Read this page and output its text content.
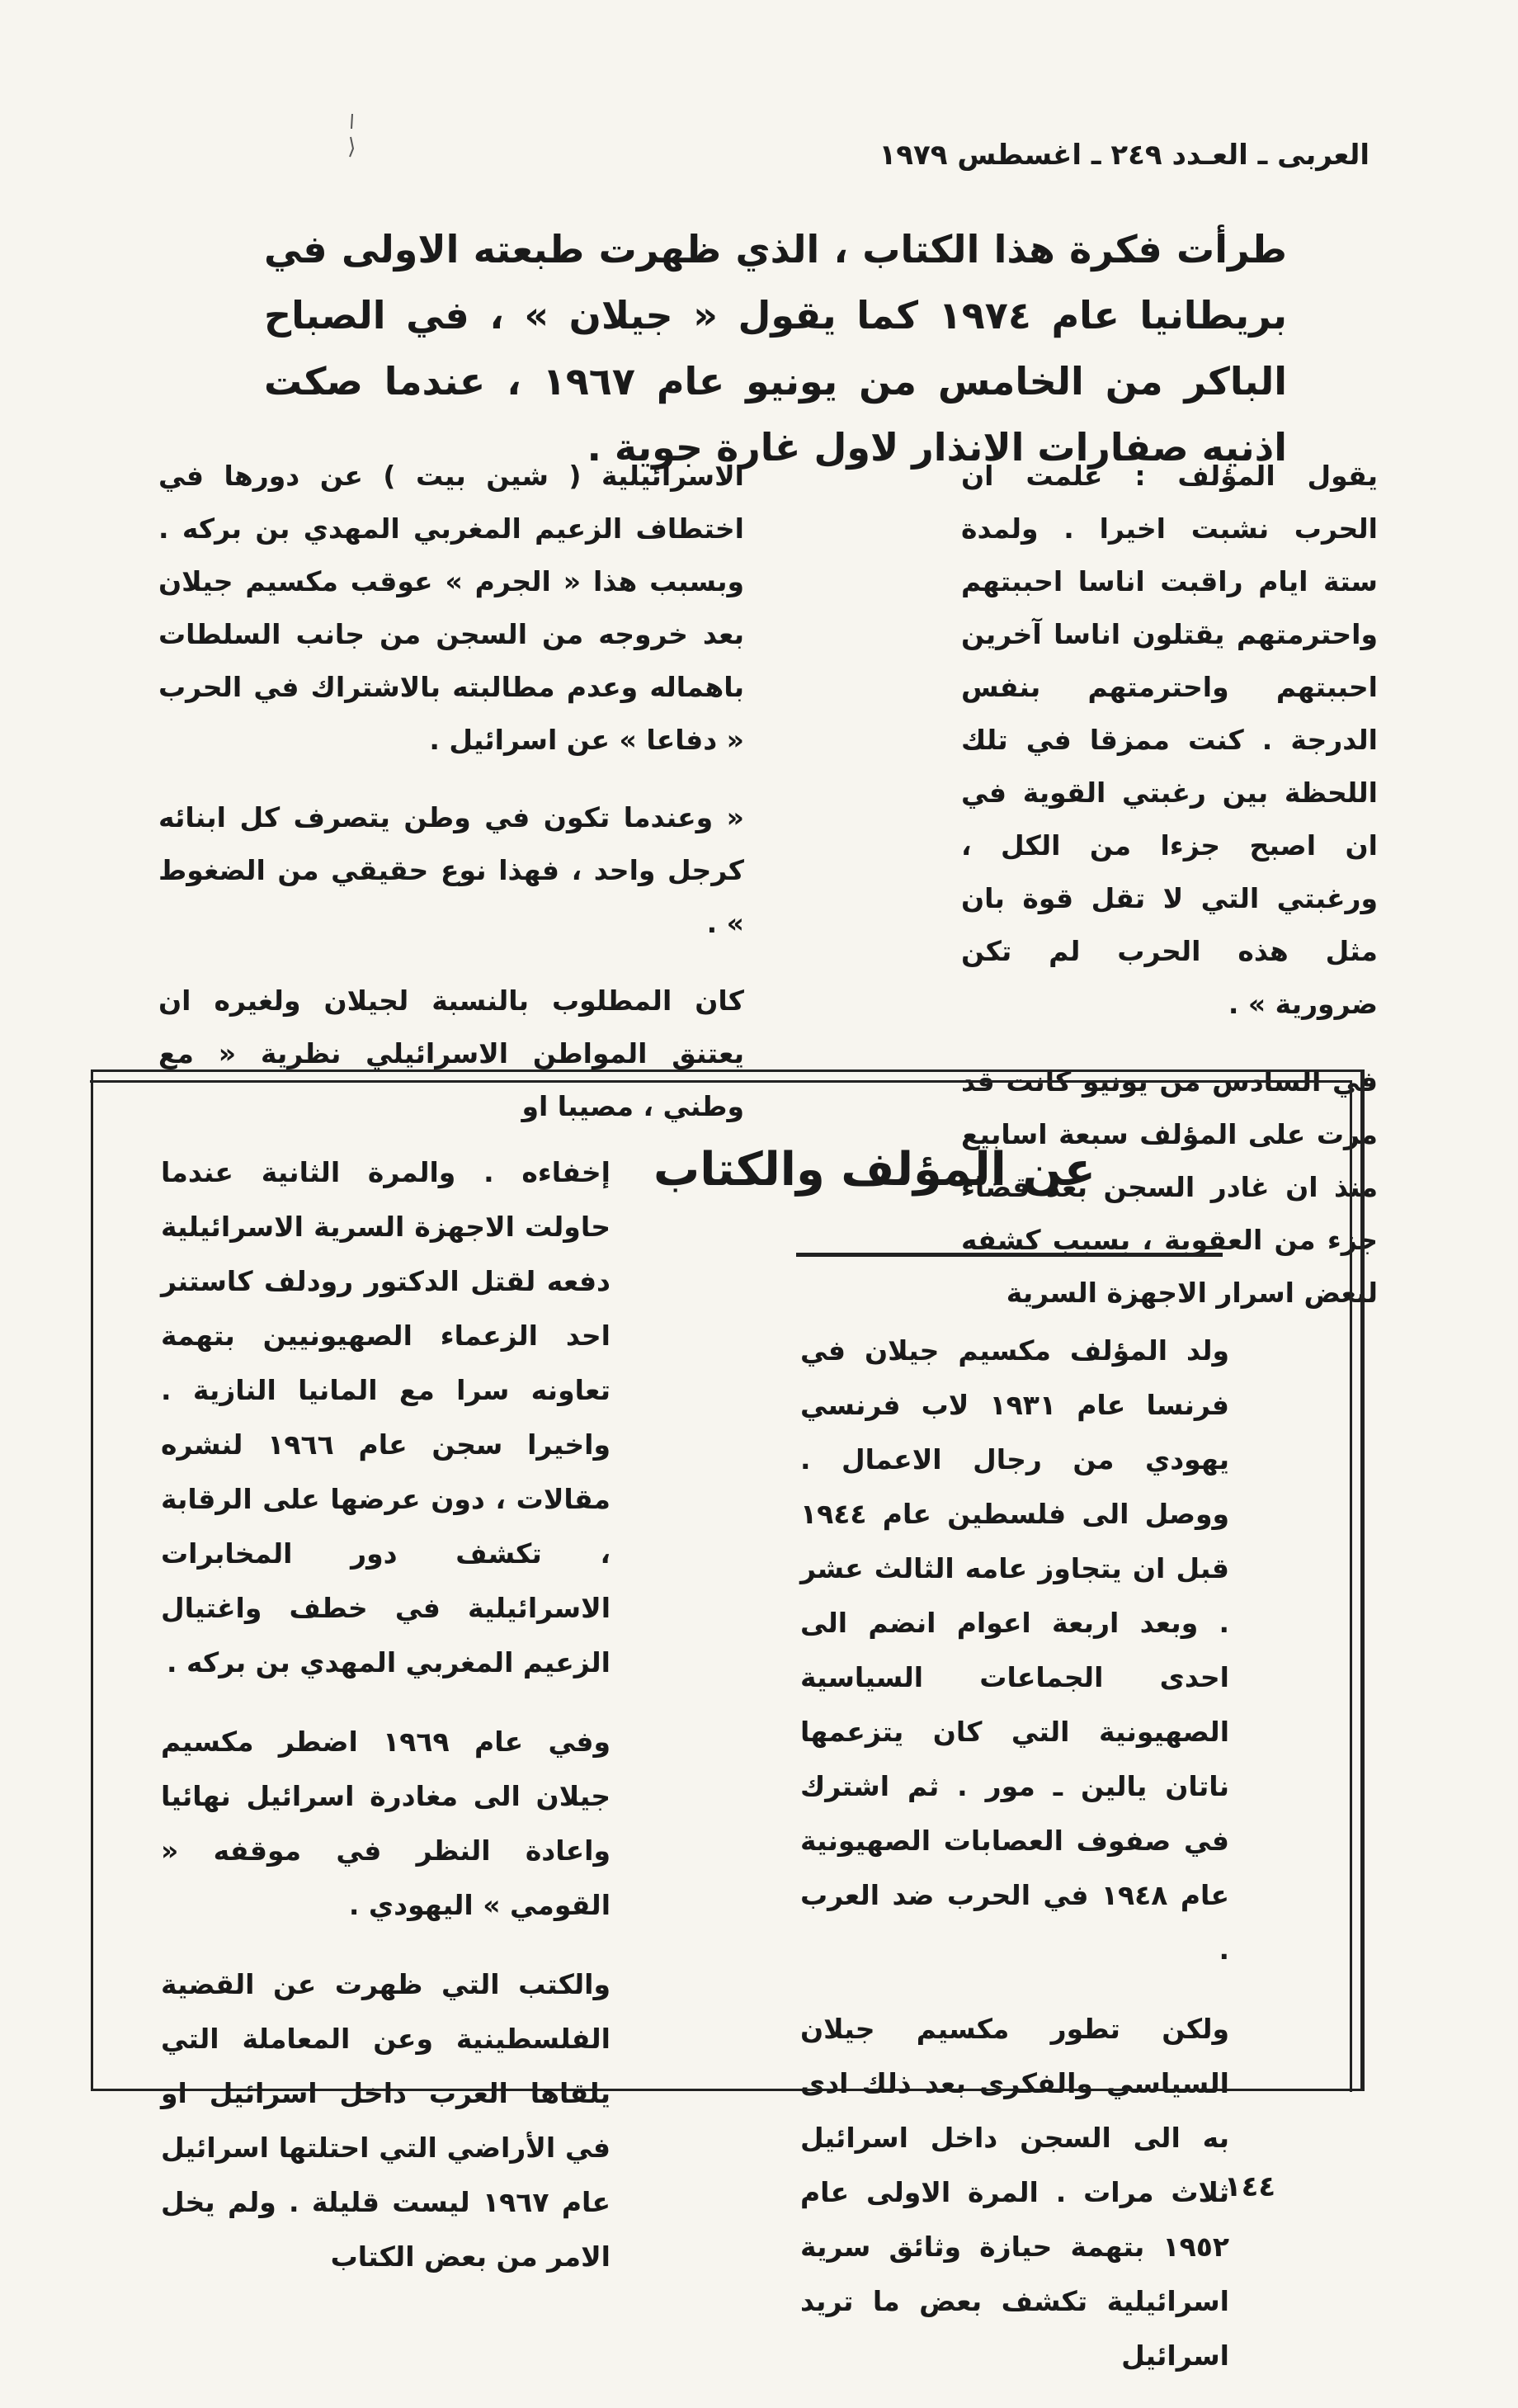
العربى ـ العـدد ٢٤٩ ـ اغسطس ١٩٧٩
طرأت فكرة هذا الكتاب ، الذي ظهرت طبعته الاولى في بريطانيا عام ١٩٧٤ كما يقول « جيلان » ، في الصباح الباكر من الخامس من يونيو عام ١٩٦٧ ، عندما صكت اذنيه صفارات الانذار لاول غارة جوية .

يقول المؤلف : علمت ان الحرب نشبت اخيرا . ولمدة ستة ايام راقبت اناسا احببتهم واحترمتهم يقتلون اناسا آخرين احببتهم واحترمتهم بنفس الدرجة . كنت ممزقا في تلك اللحظة بين رغبتي القوية في ان اصبح جزءا من الكل ، ورغبتي التي لا تقل قوة بان مثل هذه الحرب لم تكن ضرورية » .

في السادس من يونيو كانت قد مرت على المؤلف سبعة اسابيع منذ ان غادر السجن بعد قضاء جزء من العقوبة ، بسبب كشفه لبعض اسرار الاجهزة السرية

الاسرائيلية ( شين بيت ) عن دورها في اختطاف الزعيم المغربي المهدي بن بركه . وبسبب هذا « الجرم » عوقب مكسيم جيلان بعد خروجه من السجن من جانب السلطات باهماله وعدم مطالبته بالاشتراك في الحرب « دفاعا » عن اسرائيل .

« وعندما تكون في وطن يتصرف كل ابنائه كرجل واحد ، فهذا نوع حقيقي من الضغوط » .

كان المطلوب بالنسبة لجيلان ولغيره ان يعتنق المواطن الاسرائيلي نظرية « مع وطني ، مصيبا او

عن المؤلف والكتاب

ولد المؤلف مكسيم جيلان في فرنسا عام ١٩٣١ لاب فرنسي يهودي من رجال الاعمال . ووصل الى فلسطين عام ١٩٤٤ قبل ان يتجاوز عامه الثالث عشر . وبعد اربعة اعوام انضم الى احدى الجماعات السياسية الصهيونية التي كان يتزعمها ناتان يالين ـ مور . ثم اشترك في صفوف العصابات الصهيونية عام ١٩٤٨ في الحرب ضد العرب .

ولكن تطور مكسيم جيلان السياسي والفكرى بعد ذلك ادى به الى السجن داخل اسرائيل ثلاث مرات . المرة الاولى عام ١٩٥٢ بتهمة حيازة وثائق سرية اسرائيلية تكشف بعض ما تريد اسرائيل

إخفاءه . والمرة الثانية عندما حاولت الاجهزة السرية الاسرائيلية دفعه لقتل الدكتور رودلف كاستنر احد الزعماء الصهيونيين بتهمة تعاونه سرا مع المانيا النازية . واخيرا سجن عام ١٩٦٦ لنشره مقالات ، دون عرضها على الرقابة ، تكشف دور المخابرات الاسرائيلية في خطف واغتيال الزعيم المغربي المهدي بن بركه .

وفي عام ١٩٦٩ اضطر مكسيم جيلان الى مغادرة اسرائيل نهائيا واعادة النظر في موقفه « القومي » اليهودي .

والكتب التي ظهرت عن القضية الفلسطينية وعن المعاملة التي يلقاها العرب داخل اسرائيل او في الأراضي التي احتلتها اسرائيل عام ١٩٦٧ ليست قليلة . ولم يخل الامر من بعض الكتاب

١٤٤
